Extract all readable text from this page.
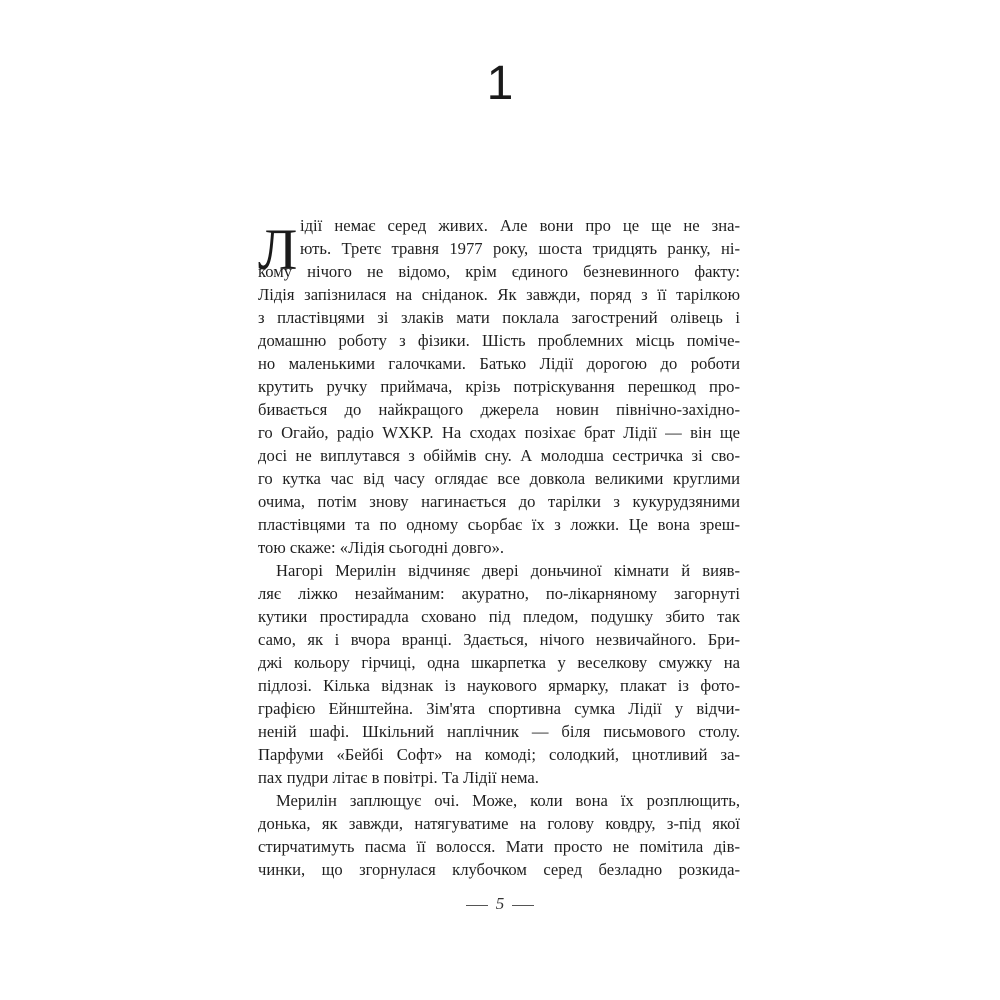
1
Л ідії немає серед живих. Але вони про це ще не зна-
ють. Третє травня 1977 року, шоста тридцять ранку, ні-
кому нічого не відомо, крім єдиного безневинного факту:
Лідія запізнилася на сніданок. Як завжди, поряд з її тарілкою
з пластівцями зі злаків мати поклала загострений олівець і
домашню роботу з фізики. Шість проблемних місць поміче-
но маленькими галочками. Батько Лідії дорогою до роботи
крутить ручку приймача, крізь потріскування перешкод про-
бивається до найкращого джерела новин північно-західно-
го Огайо, радіо WXKP. На сходах позіхає брат Лідії — він ще
досі не виплутався з обіймів сну. А молодша сестричка зі сво-
го кутка час від часу оглядає все довкола великими круглими
очима, потім знову нагинається до тарілки з кукурудзяними
пластівцями та по одному сьорбає їх з ложки. Це вона зреш-
тою скаже: «Лідія сьогодні довго».
Нагорі Мерилін відчиняє двері доньчиної кімнати й вияв-
ляє ліжко незайманим: акуратно, по-лікарняному загорнуті
кутики простирадла сховано під пледом, подушку збито так
само, як і вчора вранці. Здається, нічого незвичайного. Бри-
джі кольору гірчиці, одна шкарпетка у веселкову смужку на
підлозі. Кілька відзнак із наукового ярмарку, плакат із фото-
графією Ейнштейна. Зім'ята спортивна сумка Лідії у відчи-
неній шафі. Шкільний наплічник — біля письмового столу.
Парфуми «Бейбі Софт» на комоді; солодкий, цнотливий за-
пах пудри літає в повітрі. Та Лідії нема.
Мерилін заплющує очі. Може, коли вона їх розплющить,
донька, як завжди, натягуватиме на голову ковдру, з-під якої
стирчатимуть пасма її волосся. Мати просто не помітила дів-
чинки, що згорнулася клубочком серед безладно розкида-
5
